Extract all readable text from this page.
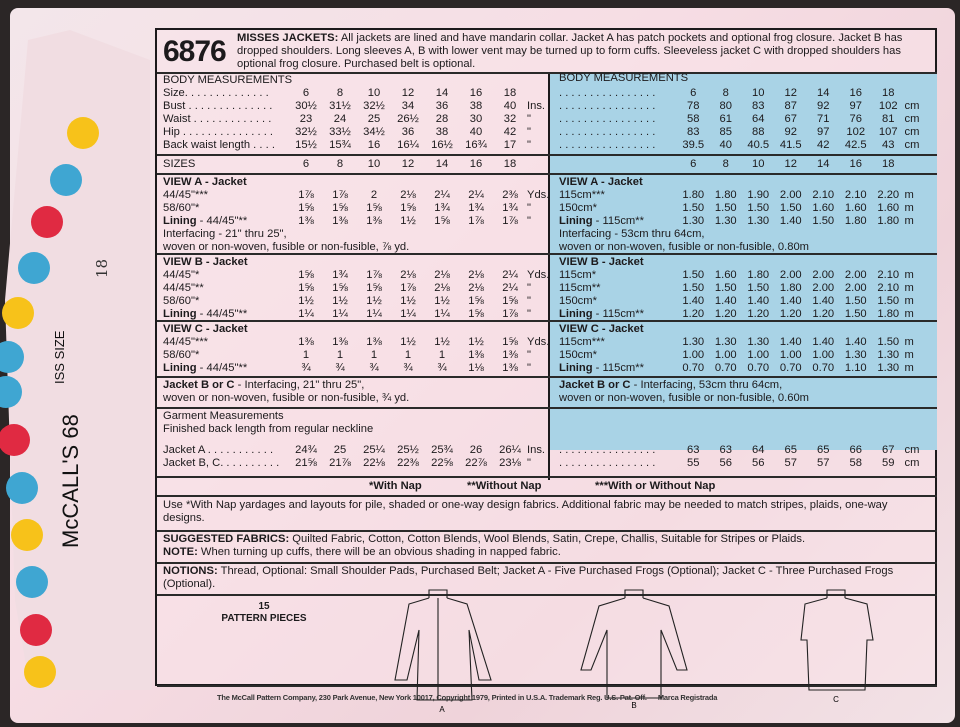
McCALL'S 68
ISS SIZE
18
6876 MISSES JACKETS: All jackets are lined and have mandarin collar. Jacket A has patch pockets and optional frog closure. Jacket B has dropped shoulders. Long sleeves A, B with lower vent may be turned up to form cuffs. Sleeveless jacket C with dropped shoulders has optional frog closure. Purchased belt is optional.
BODY MEASUREMENTS	BODY MEASUREMENTS
Size. . . . . . . . . . . . . .	6	8	10	12	14	16	18	. . . . . . . . . . . . . . . .	6	8	10	12	14	16	18
Bust . . . . . . . . . . . . . .	30½	31½	32½	34	36	38	40 Ins.	. . . . . . . . . . . . . . . .	78	80	83	87	92	97	102 cm
Waist . . . . . . . . . . . . .	23	24	25	26½	28	30	32 "	. . . . . . . . . . . . . . . .	58	61	64	67	71	76	81 cm
Hip . . . . . . . . . . . . . . .	32½	33½	34½	36	38	40	42 "	. . . . . . . . . . . . . . . .	83	85	88	92	97	102	107 cm
Back waist length . . . .	15½	15¾	16	16¼	16½	16¾	17 "	. . . . . . . . . . . . . . . .	39.5	40	40.5 41.5	42	42.5	43 cm
SIZES	6	8	10	12	14	16	18	6	8	10	12	14	16	18
VIEW A - Jacket
44/45"***	1⅞	1⅞	2	2⅛	2¼	2¼	2⅜ Yds.
58/60"*	1⅝	1⅝	1⅝	1⅝	1¾	1¾	1¾ "
Lining - 44/45"**	1⅜	1⅜	1⅜	1½	1⅝	1⅞	1⅞ "
Interfacing - 21" thru 25",
woven or non-woven, fusible or non-fusible, ⅞ yd.
VIEW B - Jacket
44/45"*	1⅝	1¾	1⅞	2⅛	2⅛	2⅛	2¼ Yds.
44/45"**	1⅝	1⅝	1⅝	1⅞	2⅛	2⅛	2¼ "
58/60"*	1½	1½	1½	1½	1½	1⅝	1⅝ "
Lining - 44/45"**	1¼	1¼	1¼	1¼	1¼	1⅝	1⅞ "
VIEW C - Jacket
44/45"***	1⅜	1⅜	1⅜	1½	1½	1½	1⅝ Yds.
58/60"*	1	1	1	1	1	1⅜	1⅜ "
Lining - 44/45"**	¾	¾	¾	¾	¾	1⅛	1⅜ "
Jacket B or C - Interfacing, 21" thru 25",
woven or non-woven, fusible or non-fusible, ¾ yd.
Jacket A . . . . . . . . . . .	24¾	25	25¼	25½	25¾	26	26¼ Ins.
Jacket B, C. . . . . . . . . .	21⅝	21⅞	22⅛	22⅜	22⅝	22⅞	23⅛ "
VIEW A - Jacket
115cm***	1.80 1.80 1.90 2.00 2.10 2.10 2.20 m
150cm*	1.50 1.50 1.50 1.50 1.60 1.60 1.60 m
Lining - 115cm**	1.30 1.30 1.30 1.40 1.50 1.80 1.80 m
Interfacing - 53cm thru 64cm,
woven or non-woven, fusible or non-fusible, 0.80m
VIEW B - Jacket
115cm*	1.50 1.60 1.80 2.00 2.00 2.00 2.10 m
115cm**	1.50 1.50 1.50 1.80 2.00 2.00 2.10 m
150cm*	1.40 1.40 1.40 1.40 1.40 1.50 1.50 m
Lining - 115cm**	1.20 1.20 1.20 1.20 1.20 1.50 1.80 m
VIEW C - Jacket
115cm***	1.30 1.30 1.30 1.40 1.40 1.40 1.50 m
150cm*	1.00 1.00 1.00 1.00 1.00 1.30 1.30 m
Lining - 115cm**	0.70 0.70 0.70 0.70 0.70 1.10 1.30 m
Jacket B or C - Interfacing, 53cm thru 64cm,
woven or non-woven, fusible or non-fusible, 0.60m
. . . . . . . . . . . . . . . .	63	63	64	65	65	66	67 cm
. . . . . . . . . . . . . . . .	55	56	56	57	57	58	59 cm
Garment Measurements
Finished back length from regular neckline
*With Nap	**Without Nap	***With or Without Nap
Use *With Nap yardages and layouts for pile, shaded or one-way design fabrics. Additional fabric may be needed to match stripes, plaids, one-way designs.
SUGGESTED FABRICS: Quilted Fabric, Cotton, Cotton Blends, Wool Blends, Satin, Crepe, Challis, Suitable for Stripes or Plaids.
NOTE: When turning up cuffs, there will be an obvious shading in napped fabric.
NOTIONS: Thread, Optional: Small Shoulder Pads, Purchased Belt; Jacket A - Five Purchased Frogs (Optional); Jacket C - Three Purchased Frogs (Optional).
15
PATTERN PIECES
A	B
C
The McCall Pattern Company, 230 Park Avenue, New York 10017, Copyright 1979, Printed in U.S.A. Trademark Reg. U.S. Pat. Off. — Marca Registrada
